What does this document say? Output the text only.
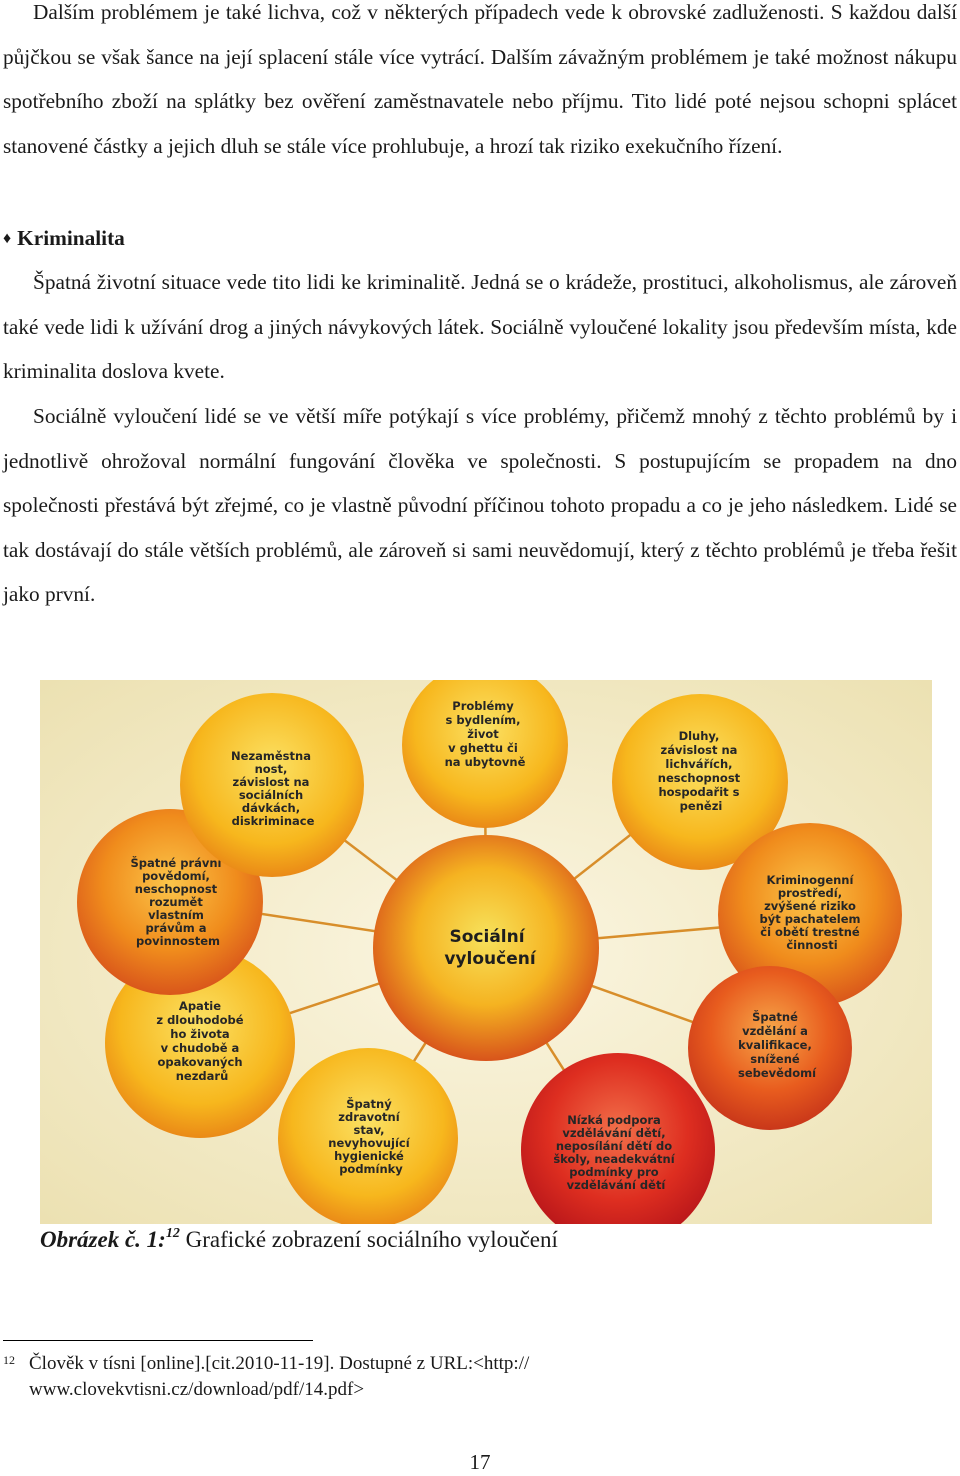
Dalším problémem je také lichva, což v některých případech vede k obrovské zadluženosti. S každou další půjčkou se však šance na její splacení stále více vytrácí. Dalším závažným problémem je také možnost nákupu spotřebního zboží na splátky bez ověření zaměstnavatele nebo příjmu. Tito lidé poté nejsou schopni splácet stanovené částky a jejich dluh se stále více prohlubuje, a hrozí tak riziko exekučního řízení.

♦ Kriminalita

Špatná životní situace vede tito lidi ke kriminalitě. Jedná se o krádeže, prostituci, alkoholismus, ale zároveň také vede lidi k užívání drog a jiných návykových látek. Sociálně vyloučené lokality jsou především místa, kde kriminalita doslova kvete.

Sociálně vyloučení lidé se ve větší míře potýkají s více problémy, přičemž mnohý z těchto problémů by i jednotlivě ohrožoval normální fungování člověka ve společnosti. S postupujícím se propadem na dno společnosti přestává být zřejmé, co je vlastně původní příčinou tohoto propadu a co je jeho následkem. Lidé se tak dostávají do stále větších problémů, ale zároveň si sami neuvědomují, který z těchto problémů je třeba řešit jako první.

Problémy s bydlením, život v ghettu či na ubytovně
Dluhy, závislost na lichvářích, neschopnost hospodařit s penězi
Kriminogenní prostředí, zvýšené riziko být pachatelem či obětí trestné činnosti
Špatné vzdělání a kvalifikace, snížené sebevědomí
Nízká podpora vzdělávání dětí, neposílání dětí do školy, neadekvátní podmínky pro vzdělávání dětí
Špatný zdravotní stav, nevyhovující hygienické podmínky
Apatie z dlouhodobé ho života v chudobě a opakovaných nezdarů
Špatné právní povědomí, neschopnost rozumět vlastním právům a povinnostem
Nezaměstna nost, závislost na sociálních dávkách, diskriminace
Sociální vyloučení
Obrázek č. 1:$^{12}$ Grafické zobrazení sociálního vyloučení
12 Člověk v tísni [online].[cit.2010-11-19]. Dostupné z URL:<http://
www.clovekvtisni.cz/download/pdf/14.pdf>
17
